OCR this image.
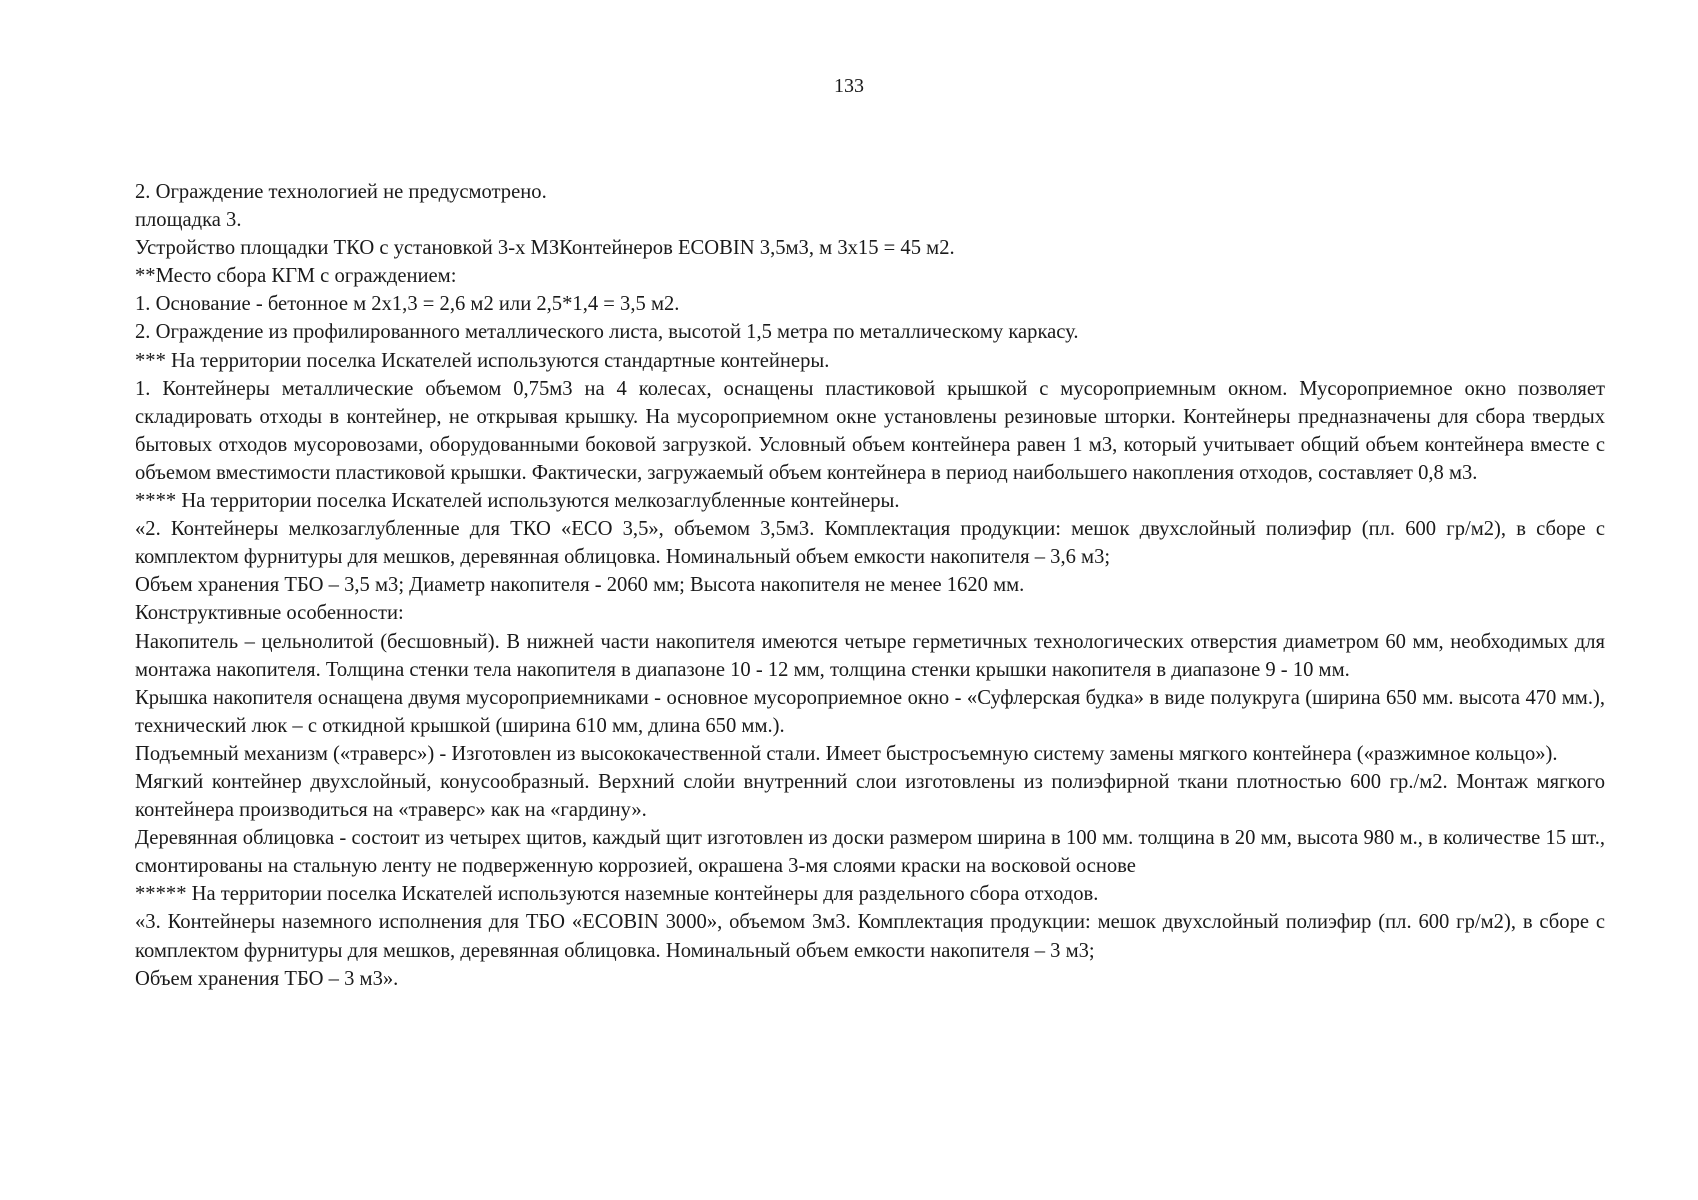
133

2. Ограждение технологией не предусмотрено.

площадка 3.

Устройство площадки ТКО с установкой 3-х МЗКонтейнеров ECOBIN 3,5м3, м 3х15 = 45 м2.

**Место сбора КГМ с ограждением:

1. Основание - бетонное м 2х1,3 = 2,6 м2 или 2,5*1,4 = 3,5 м2.

2. Ограждение из профилированного металлического листа, высотой 1,5 метра по металлическому каркасу.

*** На территории поселка Искателей используются стандартные контейнеры.

1. Контейнеры металлические объемом 0,75м3 на 4 колесах, оснащены пластиковой крышкой с мусороприемным окном. Мусороприемное окно позволяет складировать отходы в контейнер, не открывая крышку. На мусороприемном окне установлены резиновые шторки. Контейнеры предназначены для сбора твердых бытовых отходов мусоровозами, оборудованными боковой загрузкой. Условный объем контейнера равен 1 м3, который учитывает общий объем контейнера вместе с объемом вместимости пластиковой крышки. Фактически, загружаемый объем контейнера в период наибольшего накопления отходов, составляет 0,8 м3.

**** На территории поселка Искателей используются мелкозаглубленные контейнеры.

«2. Контейнеры мелкозаглубленные для ТКО «ECO 3,5», объемом 3,5м3. Комплектация продукции: мешок двухслойный полиэфир (пл. 600 гр/м2), в сборе с комплектом фурнитуры для мешков, деревянная облицовка. Номинальный объем емкости накопителя – 3,6 м3;

Объем хранения ТБО – 3,5 м3; Диаметр накопителя - 2060 мм; Высота накопителя не менее 1620 мм.

Конструктивные особенности:

Накопитель – цельнолитой (бесшовный). В нижней части накопителя имеются четыре герметичных технологических отверстия диаметром 60 мм, необходимых для монтажа накопителя. Толщина стенки тела накопителя в диапазоне 10 - 12 мм, толщина стенки крышки накопителя в диапазоне 9 - 10 мм.

Крышка накопителя оснащена двумя мусороприемниками - основное мусороприемное окно - «Суфлерская будка» в виде полукруга (ширина 650 мм. высота 470 мм.), технический люк – с откидной крышкой (ширина 610 мм, длина 650 мм.).

Подъемный механизм («траверс») - Изготовлен из высококачественной стали. Имеет быстросъемную систему замены мягкого контейнера («разжимное кольцо»).

Мягкий контейнер двухслойный, конусообразный. Верхний слойи внутренний слои изготовлены из полиэфирной ткани плотностью 600 гр./м2. Монтаж мягкого контейнера производиться на «траверс» как на «гардину».

Деревянная облицовка - состоит из четырех щитов, каждый щит изготовлен из доски размером ширина в 100 мм. толщина в 20 мм, высота 980 м., в количестве 15 шт., смонтированы на стальную ленту не подверженную коррозией, окрашена 3-мя слоями краски на восковой основе

***** На территории поселка Искателей используются наземные контейнеры для раздельного сбора отходов.

«3. Контейнеры наземного исполнения для ТБО «ECOBIN 3000», объемом 3м3. Комплектация продукции: мешок двухслойный полиэфир (пл. 600 гр/м2), в сборе с комплектом фурнитуры для мешков, деревянная облицовка. Номинальный объем емкости накопителя – 3 м3;

Объем хранения ТБО – 3 м3».
